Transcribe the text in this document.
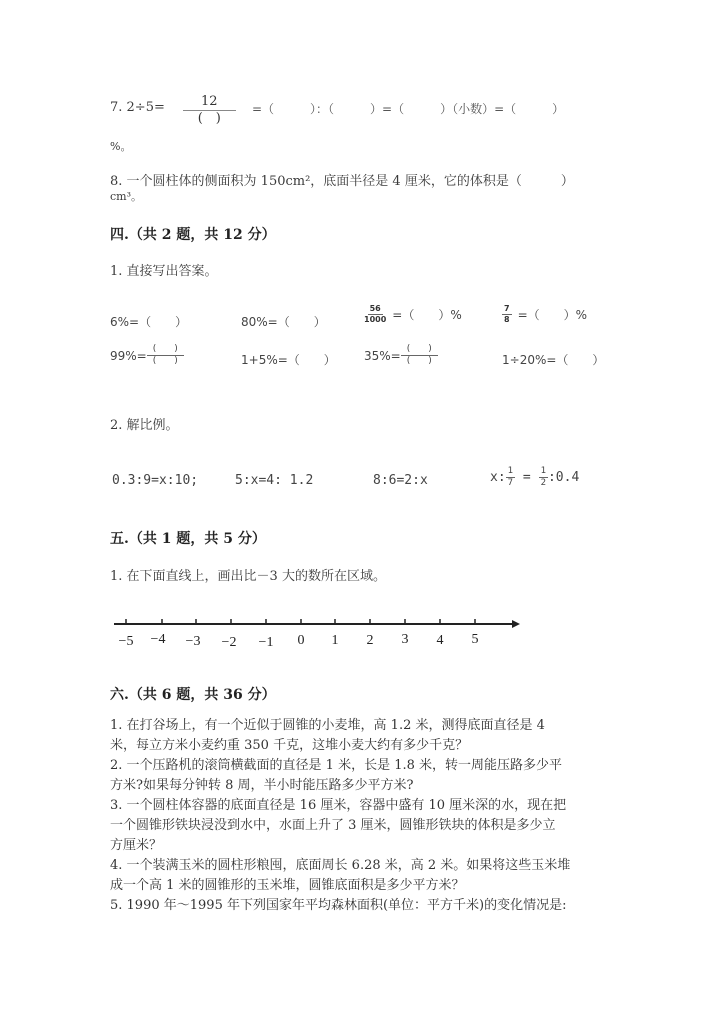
7. 2÷5=	12
(　)
=（　　　）：（　　　）=（　　　）（小数）=（　　　）
%。
8. 一个圆柱体的侧面积为 150cm²，底面半径是 4 厘米，它的体积是（　　　）
cm³。
四.（共 2 题，共 12 分）
1. 直接写出答案。
6%=（　　）	80%=（　　）	$\frac{56}{1000}$ =（　　）%	$\frac{7}{8}$ =（　　）%
$99\%= \frac{( )}{( )}$	1+5%=（　　） $35\%= \frac{( )}{( )}$	1÷20%=（　　）
2. 解比例。
0.3:9=x:10;	5:x=4: 1.2	8:6=2:x	x: $\frac{1}{7} = \frac{1}{2}$ :0.4
五.（共 1 题，共 5 分）
1. 在下面直线上，画出比－3 大的数所在区域。
−5 −4 −3 −2 −1 0 1 2 3 4 5
六.（共 6 题，共 36 分）
1. 在打谷场上，有一个近似于圆锥的小麦堆，高 1.2 米，测得底面直径是 4
米，每立方米小麦约重 350 千克，这堆小麦大约有多少千克？
2. 一个压路机的滚筒横截面的直径是 1 米，长是 1.8 米，转一周能压路多少平
方米?如果每分钟转 8 周，半小时能压路多少平方米?
3. 一个圆柱体容器的底面直径是 16 厘米，容器中盛有 10 厘米深的水，现在把
一个圆锥形铁块浸没到水中，水面上升了 3 厘米，圆锥形铁块的体积是多少立
方厘米？
4. 一个装满玉米的圆柱形粮囤，底面周长 6.28 米，高 2 米。如果将这些玉米堆
成一个高 1 米的圆锥形的玉米堆，圆锥底面积是多少平方米？
5. 1990 年～1995 年下列国家年平均森林面积(单位：平方千米)的变化情况是:
